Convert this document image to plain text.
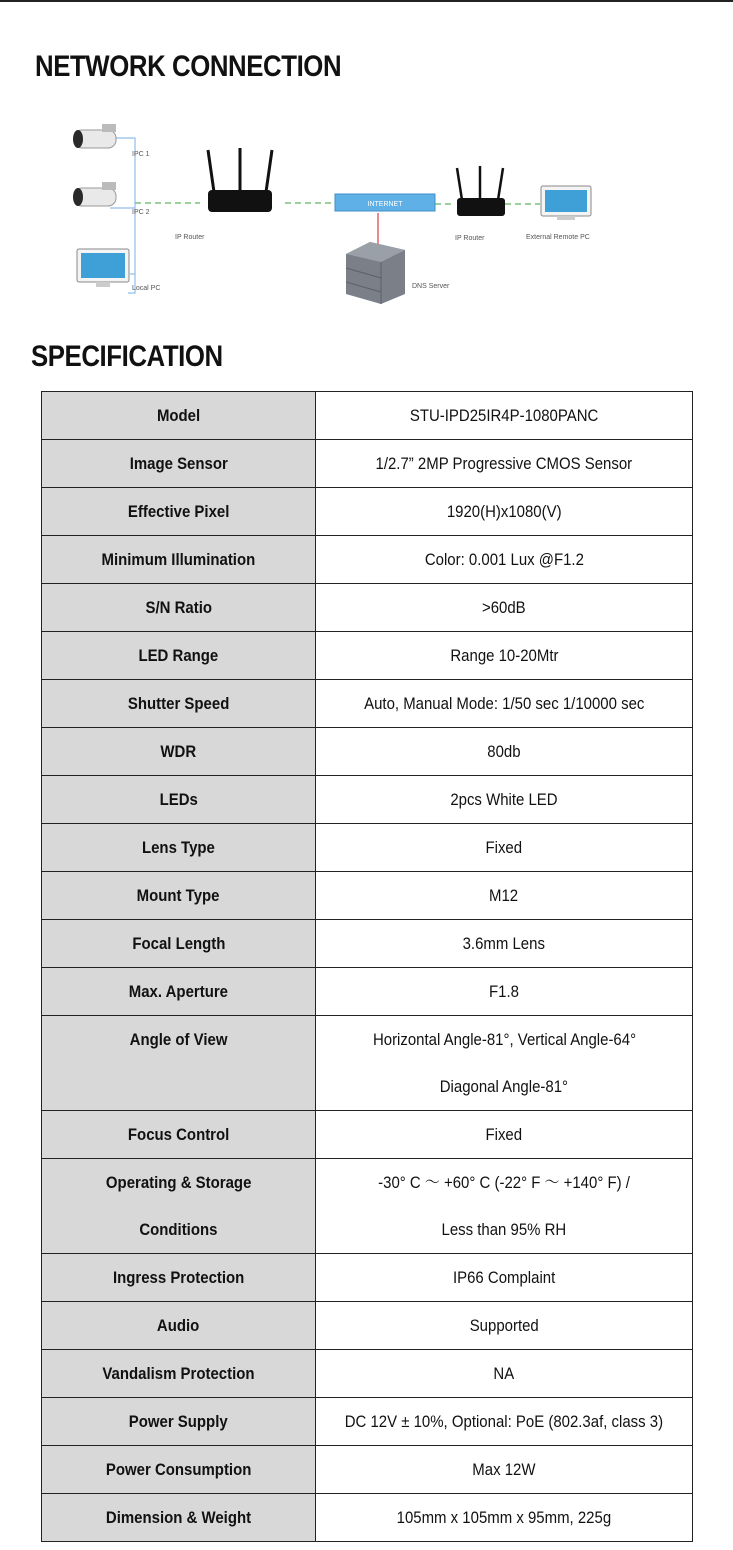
NETWORK CONNECTION
IPC 1
IPC 2
Local PC
IP Router
INTERNET
DNS Server
IP Router	External Remote PC
SPECIFICATION
Model	STU-IPD25IR4P-1080PANC

Image Sensor	1/2.7” 2MP Progressive CMOS Sensor

Effective Pixel	1920(H)x1080(V)

Minimum Illumination	Color: 0.001 Lux @F1.2

S/N Ratio	>60dB

LED Range	Range 10-20Mtr

Shutter Speed	Auto, Manual Mode: 1/50 sec 1/10000 sec

WDR	80db

LEDs	2pcs White LED

Lens Type	Fixed

Mount Type	M12

Focal Length	3.6mm Lens

Max. Aperture	F1.8

Angle of View	Horizontal Angle-81°, Vertical Angle-64°
Diagonal Angle-81°

Focus Control	Fixed

Operating & Storage
Conditions	-30° C ～ +60° C (-22° F ～ +140° F) /
Less than 95% RH

Ingress Protection	IP66 Complaint

Audio	Supported

Vandalism Protection	NA

Power Supply	DC 12V ± 10%, Optional: PoE (802.3af, class 3)

Power Consumption	Max 12W

Dimension & Weight	105mm x 105mm x 95mm, 225g
